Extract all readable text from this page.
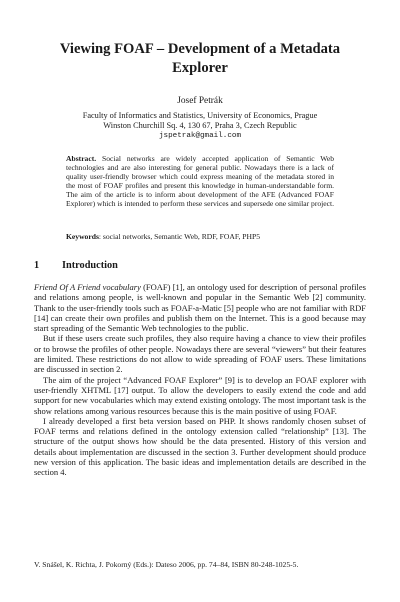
Viewing FOAF – Development of a Metadata Explorer
Josef Petrák
Faculty of Informatics and Statistics, University of Economics, Prague
Winston Churchill Sq. 4, 130 67, Praha 3, Czech Republic
jspetrak@gmail.com
Abstract. Social networks are widely accepted application of Semantic Web technologies and are also interesting for general public. Nowadays there is a lack of quality user-friendly browser which could express meaning of the metadata stored in the most of FOAF profiles and present this knowledge in human-understandable form. The aim of the article is to inform about development of the AFE (Advanced FOAF Explorer) which is intended to perform these services and supersede one similar project.
Keywords: social networks, Semantic Web, RDF, FOAF, PHP5
1 Introduction

Friend Of A Friend vocabulary (FOAF) [1], an ontology used for description of personal profiles and relations among people, is well-known and popular in the Semantic Web [2] community. Thank to the user-friendly tools such as FOAF-a-Matic [5] people who are not familiar with RDF [14] can create their own profiles and publish them on the Internet. This is a good because may start spreading of the Semantic Web technologies to the public.

But if these users create such profiles, they also require having a chance to view their profiles or to browse the profiles of other people. Nowadays there are several “viewers” but their features are limited. These restrictions do not allow to wide spreading of FOAF users. These limitations are discussed in section 2.

The aim of the project “Advanced FOAF Explorer” [9] is to develop an FOAF explorer with user-friendly XHTML [17] output. To allow the developers to easily extend the code and add support for new vocabularies which may extend existing ontology. The most important task is the show relations among various resources because this is the main positive of using FOAF.

I already developed a first beta version based on PHP. It shows randomly chosen subset of FOAF terms and relations defined in the ontology extension called “relationship” [13]. The structure of the output shows how should be the data presented. History of this version and details about implementation are discussed in the section 3. Further development should produce new version of this application. The basic ideas and implementation details are described in the section 4.

V. Snášel, K. Richta, J. Pokorný (Eds.): Dateso 2006, pp. 74–84, ISBN 80-248-1025-5.
